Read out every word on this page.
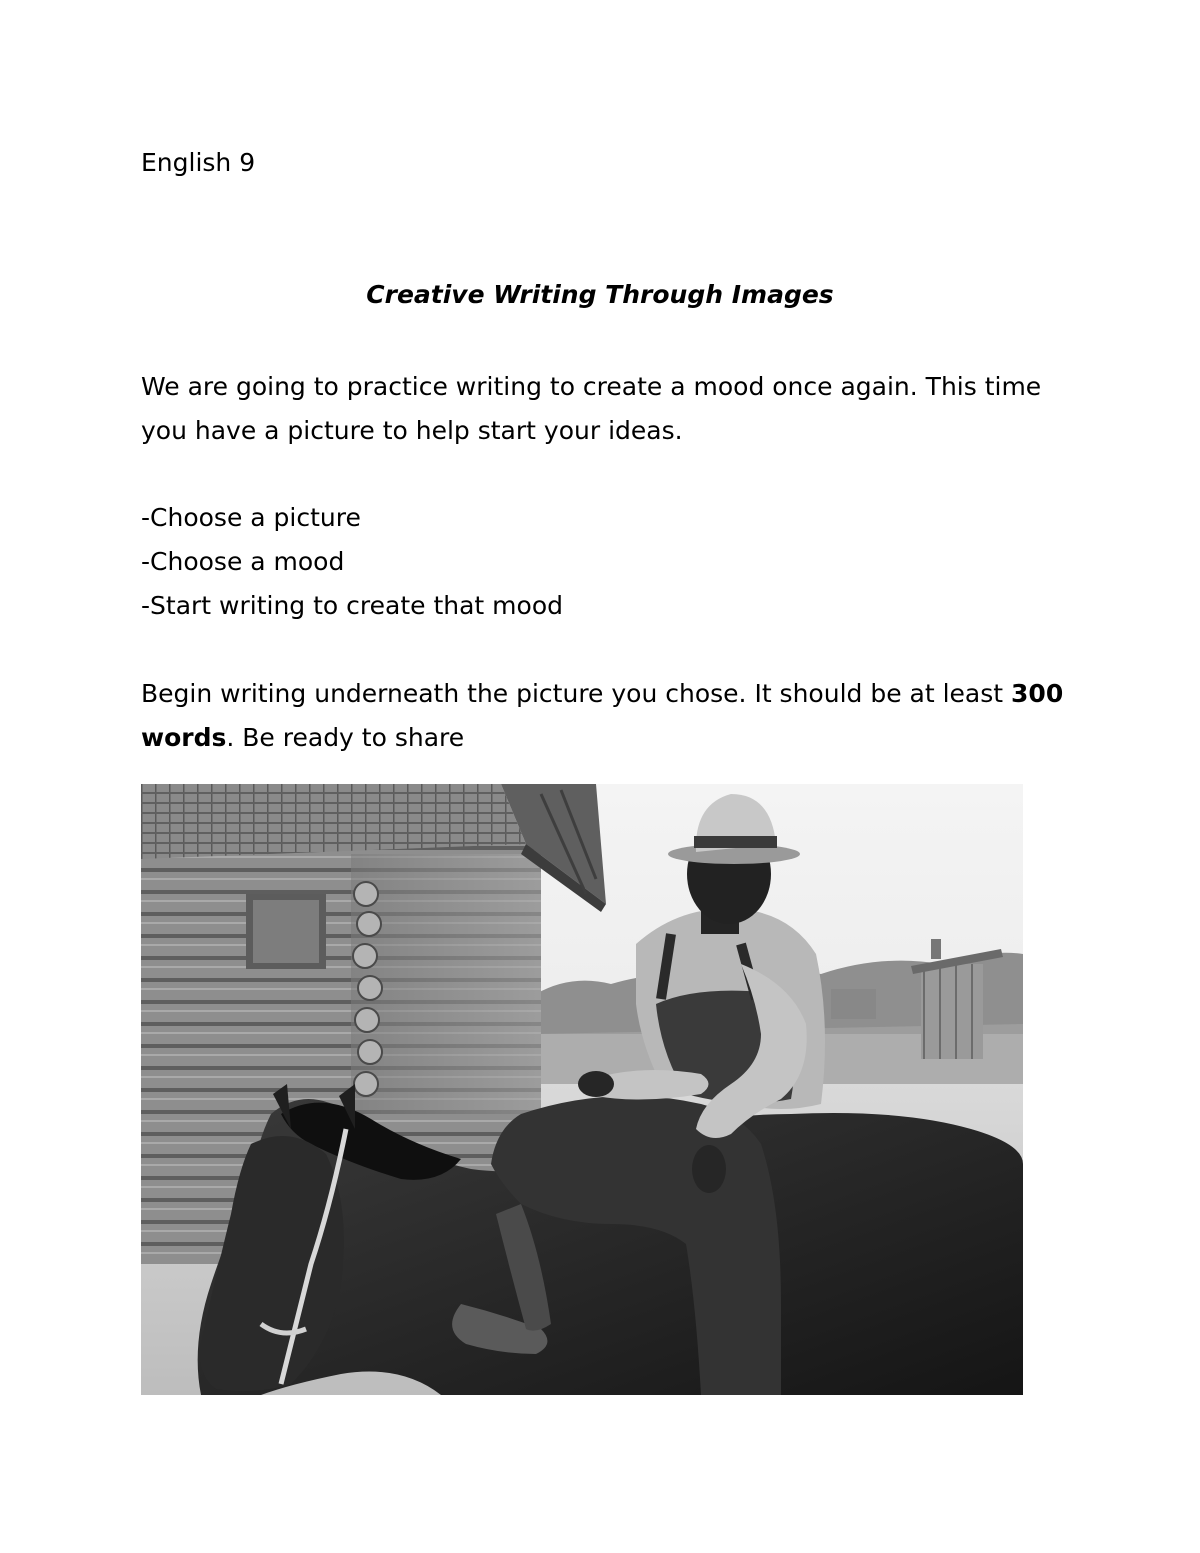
English 9

Creative Writing Through Images

We are going to practice writing to create a mood once again. This time you have a picture to help start your ideas.

-Choose a picture
-Choose a mood
-Start writing to create that mood

Begin writing underneath the picture you chose. It should be at least 300 words. Be ready to share
